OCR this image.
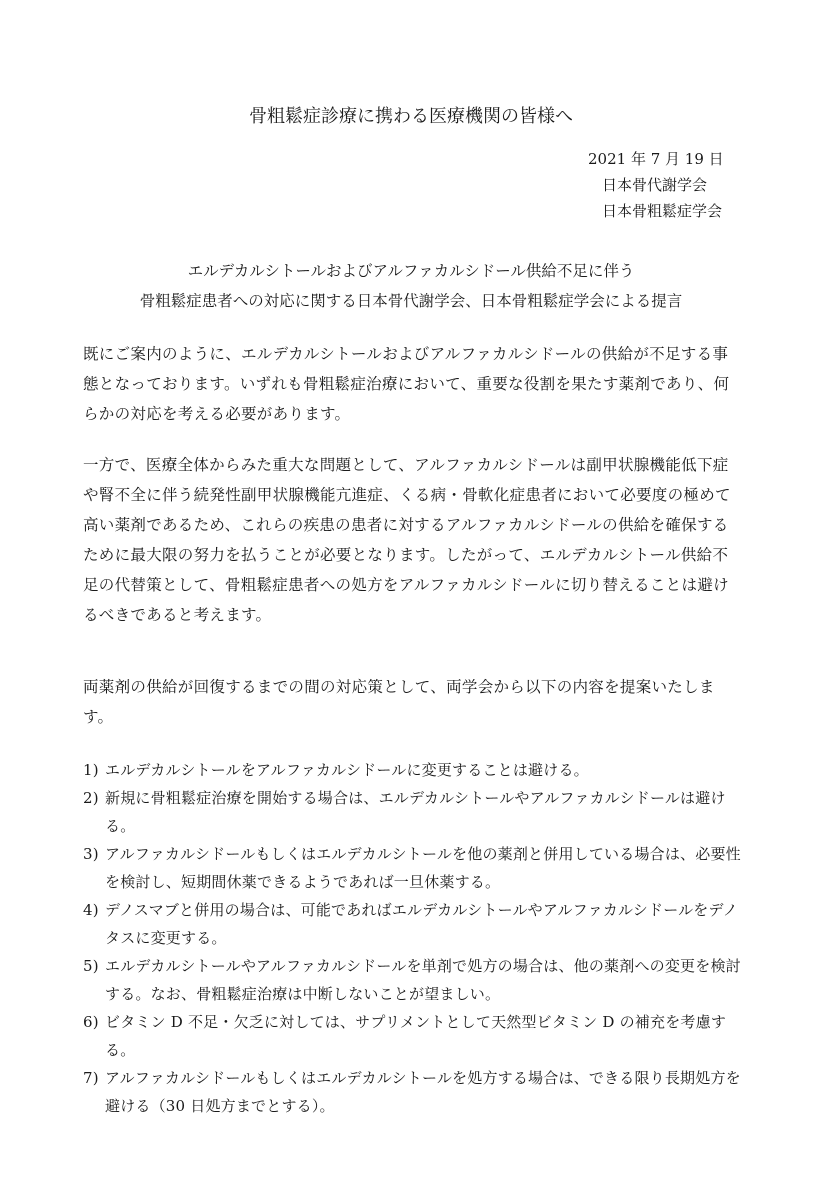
骨粗鬆症診療に携わる医療機関の皆様へ
2021 年 7 月 19 日
日本骨代謝学会
日本骨粗鬆症学会
エルデカルシトールおよびアルファカルシドール供給不足に伴う
骨粗鬆症患者への対応に関する日本骨代謝学会、日本骨粗鬆症学会による提言

既にご案内のように、エルデカルシトールおよびアルファカルシドールの供給が不足する事態となっております。いずれも骨粗鬆症治療において、重要な役割を果たす薬剤であり、何らかの対応を考える必要があります。

一方で、医療全体からみた重大な問題として、アルファカルシドールは副甲状腺機能低下症や腎不全に伴う続発性副甲状腺機能亢進症、くる病・骨軟化症患者において必要度の極めて高い薬剤であるため、これらの疾患の患者に対するアルファカルシドールの供給を確保するために最大限の努力を払うことが必要となります。したがって、エルデカルシトール供給不足の代替策として、骨粗鬆症患者への処方をアルファカルシドールに切り替えることは避けるべきであると考えます。

両薬剤の供給が回復するまでの間の対応策として、両学会から以下の内容を提案いたします。

1) エルデカルシトールをアルファカルシドールに変更することは避ける。
2) 新規に骨粗鬆症治療を開始する場合は、エルデカルシトールやアルファカルシドールは避ける。
3) アルファカルシドールもしくはエルデカルシトールを他の薬剤と併用している場合は、必要性を検討し、短期間休薬できるようであれば一旦休薬する。
4) デノスマブと併用の場合は、可能であればエルデカルシトールやアルファカルシドールをデノタスに変更する。
5) エルデカルシトールやアルファカルシドールを単剤で処方の場合は、他の薬剤への変更を検討する。なお、骨粗鬆症治療は中断しないことが望ましい。
6) ビタミン D 不足・欠乏に対しては、サプリメントとして天然型ビタミン D の補充を考慮する。
7) アルファカルシドールもしくはエルデカルシトールを処方する場合は、できる限り長期処方を避ける（30 日処方までとする）。
